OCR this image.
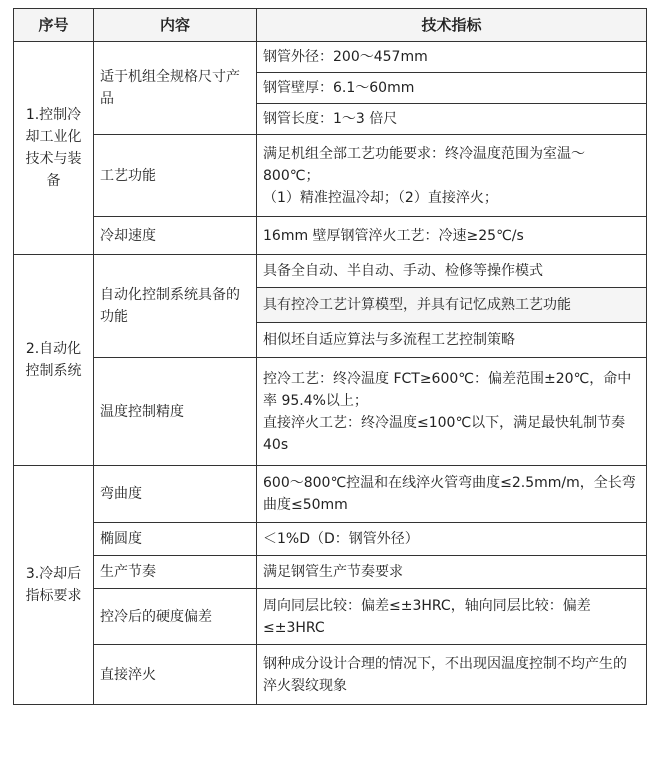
序号	内容	技术指标
1.控制冷却工业化技术与装备	适于机组全规格尺寸产品	钢管外径：200～457mm
		钢管壁厚：6.1～60mm
		钢管长度：1～3 倍尺
	工艺功能	满足机组全部工艺功能要求：终冷温度范围为室温～800℃；
（1）精准控温冷却；（2）直接淬火；
	冷却速度	16mm 壁厚钢管淬火工艺：冷速≥25℃/s
2.自动化控制系统	自动化控制系统具备的功能	具备全自动、半自动、手动、检修等操作模式
		具有控冷工艺计算模型，并具有记忆成熟工艺功能
		相似坯自适应算法与多流程工艺控制策略
	温度控制精度	控冷工艺：终冷温度 FCT≥600℃：偏差范围±20℃，命中率 95.4%以上；
直接淬火工艺：终冷温度≤100℃以下，满足最快轧制节奏 40s
3.冷却后指标要求	弯曲度	600～800℃控温和在线淬火管弯曲度≤2.5mm/m，全长弯曲度≤50mm
	椭圆度	＜1%D（D：钢管外径）
	生产节奏	满足钢管生产节奏要求
	控冷后的硬度偏差	周向同层比较：偏差≤±3HRC，轴向同层比较：偏差≤±3HRC
	直接淬火	钢种成分设计合理的情况下，不出现因温度控制不均产生的淬火裂纹现象
